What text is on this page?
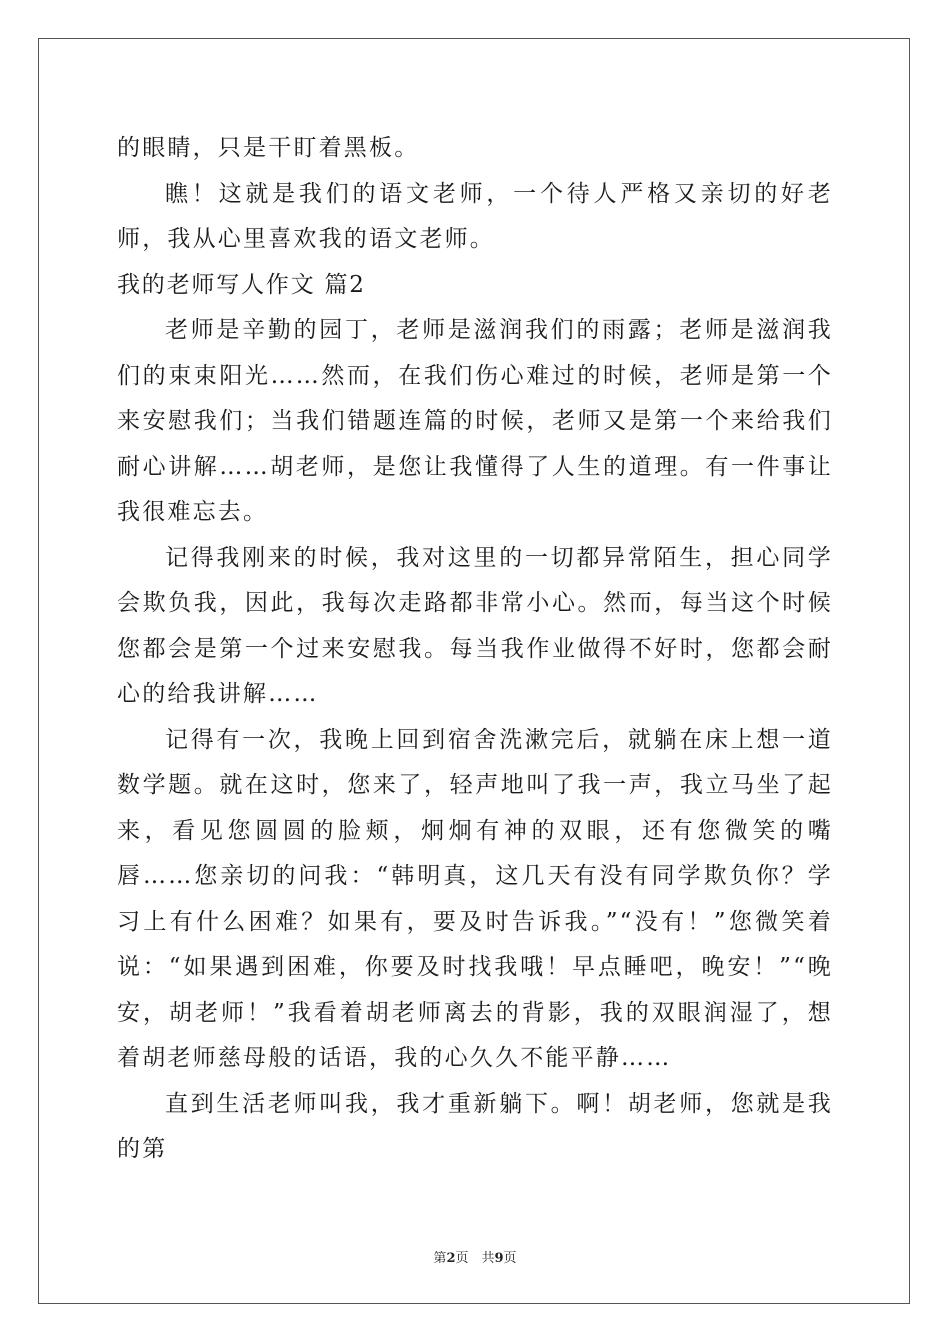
的眼睛，只是干盯着黑板。

瞧！这就是我们的语文老师，一个待人严格又亲切的好老师，我从心里喜欢我的语文老师。

我的老师写人作文 篇2

老师是辛勤的园丁，老师是滋润我们的雨露；老师是滋润我们的束束阳光……然而，在我们伤心难过的时候，老师是第一个来安慰我们；当我们错题连篇的时候，老师又是第一个来给我们耐心讲解……胡老师，是您让我懂得了人生的道理。有一件事让我很难忘去。

记得我刚来的时候，我对这里的一切都异常陌生，担心同学会欺负我，因此，我每次走路都非常小心。然而，每当这个时候您都会是第一个过来安慰我。每当我作业做得不好时，您都会耐心的给我讲解……

记得有一次，我晚上回到宿舍洗漱完后，就躺在床上想一道数学题。就在这时，您来了，轻声地叫了我一声，我立马坐了起来，看见您圆圆的脸颊，炯炯有神的双眼，还有您微笑的嘴唇……您亲切的问我：“韩明真，这几天有没有同学欺负你？学习上有什么困难？如果有，要及时告诉我。”“没有！”您微笑着说：“如果遇到困难，你要及时找我哦！早点睡吧，晚安！”“晚安，胡老师！”我看着胡老师离去的背影，我的双眼润湿了，想着胡老师慈母般的话语，我的心久久不能平静……

直到生活老师叫我，我才重新躺下。啊！胡老师，您就是我的第

第2页　共9页
